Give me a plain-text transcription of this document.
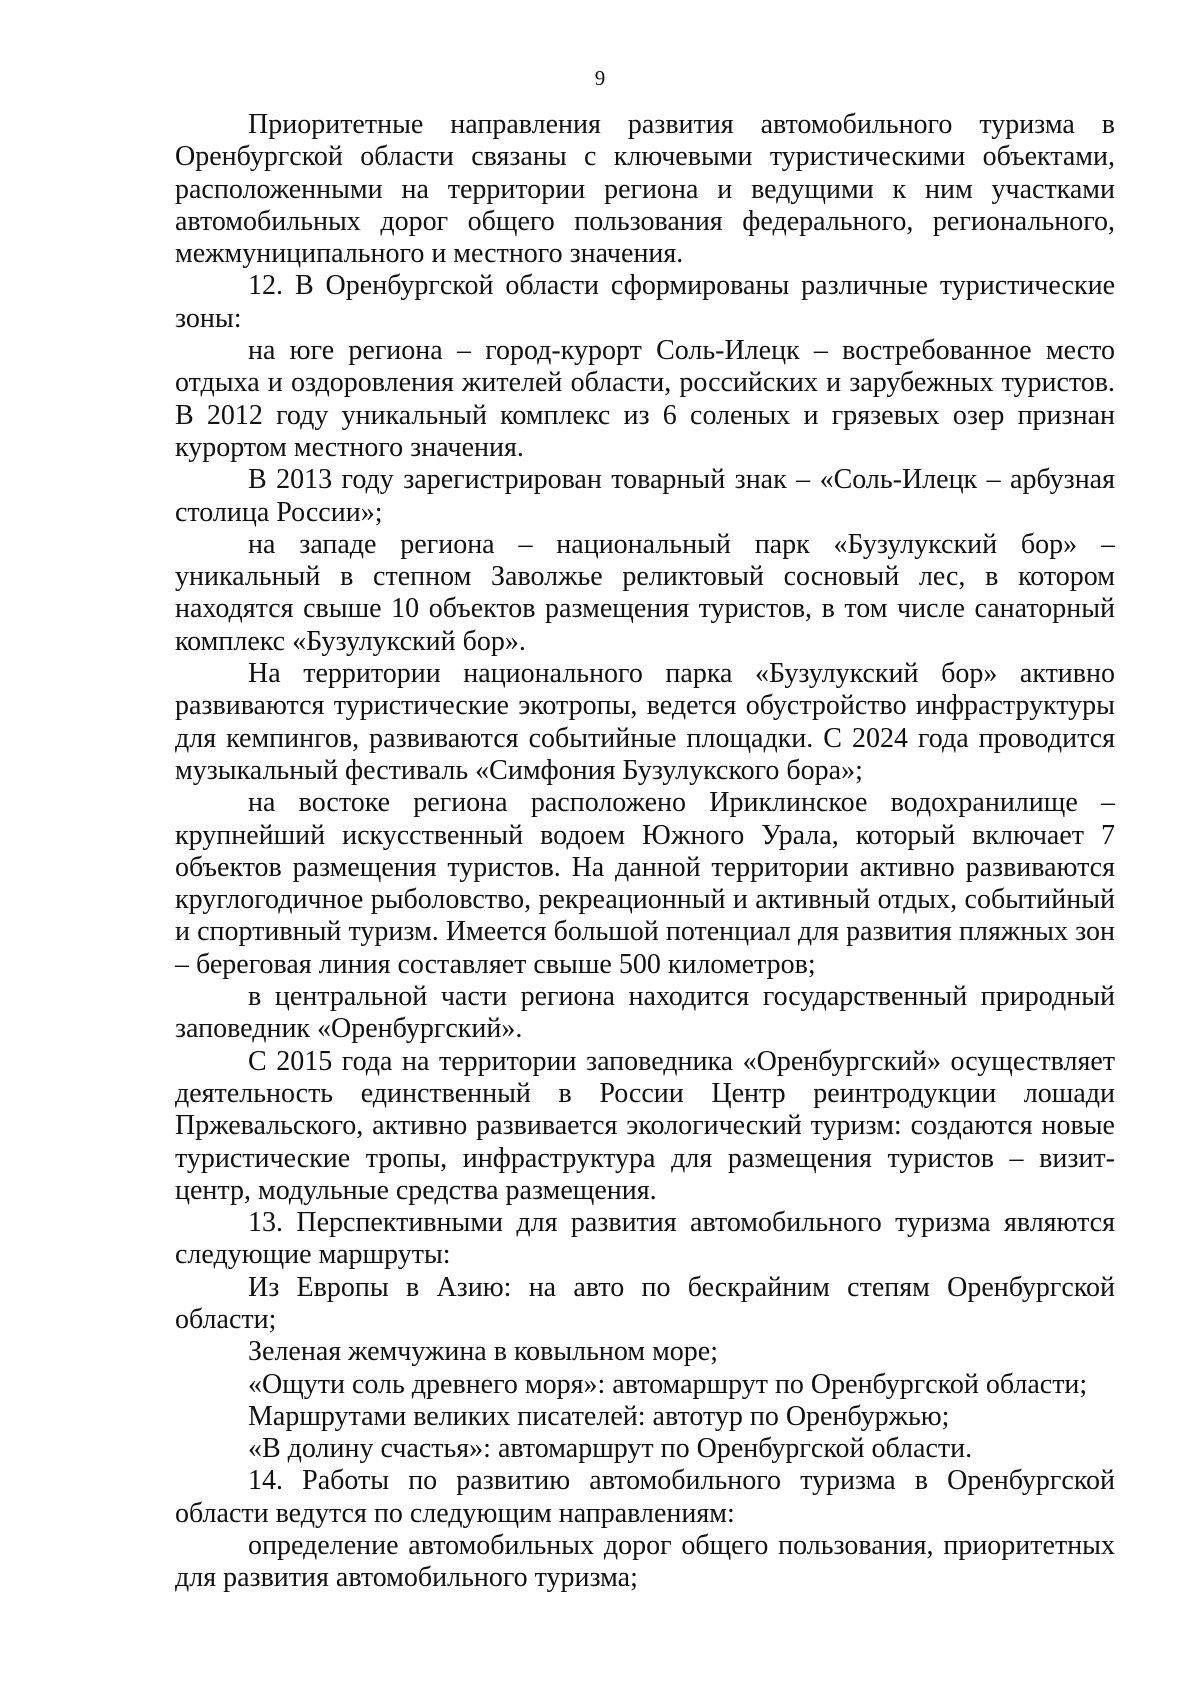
9

Приоритетные направления развития автомобильного туризма в Оренбургской области связаны с ключевыми туристическими объектами, расположенными на территории региона и ведущими к ним участками автомобильных дорог общего пользования федерального, регионального, межмуниципального и местного значения.

12. В Оренбургской области сформированы различные туристические зоны:

на юге региона – город-курорт Соль-Илецк – востребованное место отдыха и оздоровления жителей области, российских и зарубежных туристов. В 2012 году уникальный комплекс из 6 соленых и грязевых озер признан курортом местного значения.

В 2013 году зарегистрирован товарный знак – «Соль-Илецк – арбузная столица России»;

на западе региона – национальный парк «Бузулукский бор» – уникальный в степном Заволжье реликтовый сосновый лес, в котором находятся свыше 10 объектов размещения туристов, в том числе санаторный комплекс «Бузулукский бор».

На территории национального парка «Бузулукский бор» активно развиваются туристические экотропы, ведется обустройство инфраструктуры для кемпингов, развиваются событийные площадки. С 2024 года проводится музыкальный фестиваль «Симфония Бузулукского бора»;

на востоке региона расположено Ириклинское водохранилище – крупнейший искусственный водоем Южного Урала, который включает 7 объектов размещения туристов. На данной территории активно развиваются круглогодичное рыболовство, рекреационный и активный отдых, событийный и спортивный туризм. Имеется большой потенциал для развития пляжных зон – береговая линия составляет свыше 500 километров;

в центральной части региона находится государственный природный заповедник «Оренбургский».

С 2015 года на территории заповедника «Оренбургский» осуществляет деятельность единственный в России Центр реинтродукции лошади Пржевальского, активно развивается экологический туризм: создаются новые туристические тропы, инфраструктура для размещения туристов – визит-центр, модульные средства размещения.

13. Перспективными для развития автомобильного туризма являются следующие маршруты:

Из Европы в Азию: на авто по бескрайним степям Оренбургской области;

Зеленая жемчужина в ковыльном море;

«Ощути соль древнего моря»: автомаршрут по Оренбургской области;

Маршрутами великих писателей: автотур по Оренбуржью;

«В долину счастья»: автомаршрут по Оренбургской области.

14. Работы по развитию автомобильного туризма в Оренбургской области ведутся по следующим направлениям:

определение автомобильных дорог общего пользования, приоритетных для развития автомобильного туризма;
